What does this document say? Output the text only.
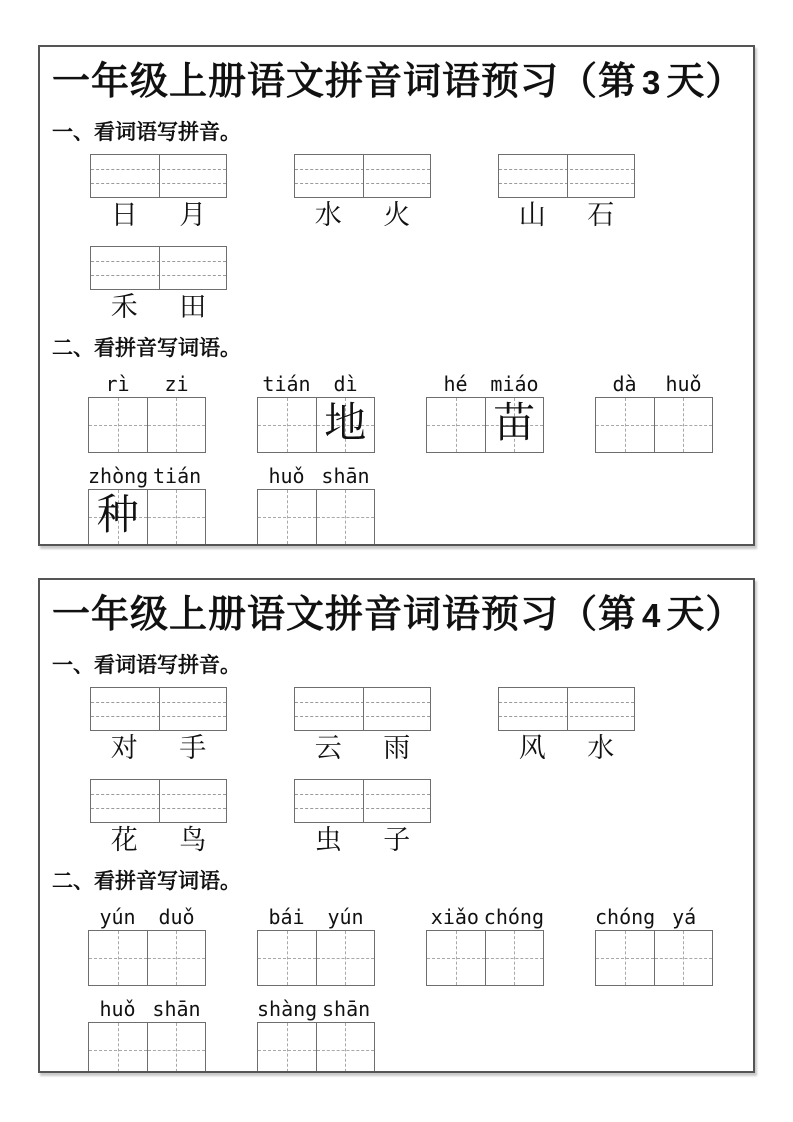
一年级上册语文拼音词语预习（第 3 天）
一、看词语写拼音。
日	月	水	火	山	石
禾	田
二、看拼音写词语。
rì	zi	tián	dì
地
hé	miáo
苗
dà	huǒ
zhòng tián
种
huǒ shān
一年级上册语文拼音词语预习（第 4 天）
一、看词语写拼音。
对	手	云	雨	风	水
花	鸟	虫	子
二、看拼音写词语。
yún	duǒ	bái	yún	xiǎo chóng	chóng yá
huǒ shān	shàng shān
